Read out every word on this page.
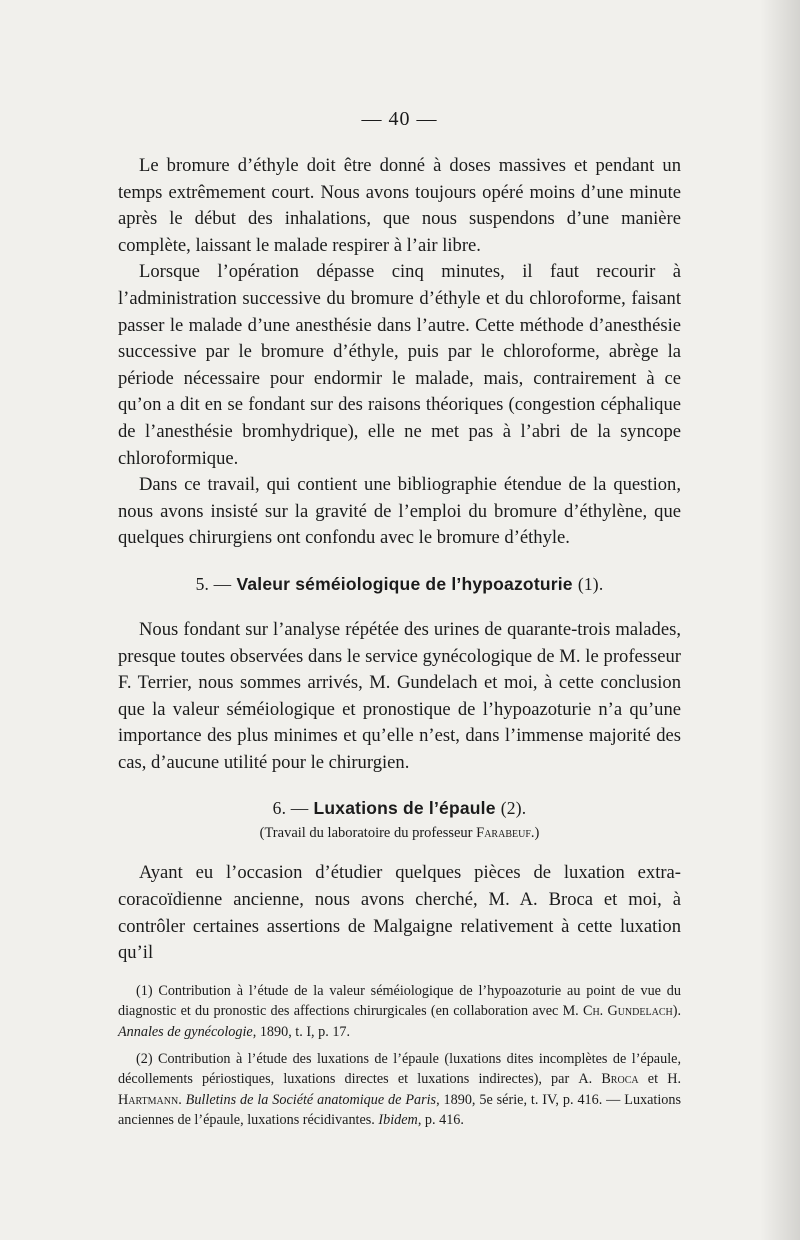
— 40 —

Le bromure d’éthyle doit être donné à doses massives et pendant un temps extrêmement court. Nous avons toujours opéré moins d’une minute après le début des inhalations, que nous suspendons d’une manière complète, laissant le malade respirer à l’air libre.

Lorsque l’opération dépasse cinq minutes, il faut recourir à l’administration successive du bromure d’éthyle et du chloroforme, faisant passer le malade d’une anesthésie dans l’autre. Cette méthode d’anesthésie successive par le bromure d’éthyle, puis par le chloroforme, abrège la période nécessaire pour endormir le malade, mais, contrairement à ce qu’on a dit en se fondant sur des raisons théoriques (congestion céphalique de l’anesthésie bromhydrique), elle ne met pas à l’abri de la syncope chloroformique.

Dans ce travail, qui contient une bibliographie étendue de la question, nous avons insisté sur la gravité de l’emploi du bromure d’éthylène, que quelques chirurgiens ont confondu avec le bromure d’éthyle.

5. — Valeur séméiologique de l’hypoazoturie (1).

Nous fondant sur l’analyse répétée des urines de quarante-trois malades, presque toutes observées dans le service gynécologique de M. le professeur F. Terrier, nous sommes arrivés, M. Gundelach et moi, à cette conclusion que la valeur séméiologique et pronostique de l’hypoazoturie n’a qu’une importance des plus minimes et qu’elle n’est, dans l’immense majorité des cas, d’aucune utilité pour le chirurgien.

6. — Luxations de l’épaule (2).
(Travail du laboratoire du professeur Farabeuf.)

Ayant eu l’occasion d’étudier quelques pièces de luxation extra-coracoïdienne ancienne, nous avons cherché, M. A. Broca et moi, à contrôler certaines assertions de Malgaigne relativement à cette luxation qu’il

(1) Contribution à l’étude de la valeur séméiologique de l’hypoazoturie au point de vue du diagnostic et du pronostic des affections chirurgicales (en collaboration avec M. Ch. Gundelach). Annales de gynécologie, 1890, t. I, p. 17.

(2) Contribution à l’étude des luxations de l’épaule (luxations dites incomplètes de l’épaule, décollements périostiques, luxations directes et luxations indirectes), par A. Broca et H. Hartmann. Bulletins de la Société anatomique de Paris, 1890, 5e série, t. IV, p. 416. — Luxations anciennes de l’épaule, luxations récidivantes. Ibidem, p. 416.
